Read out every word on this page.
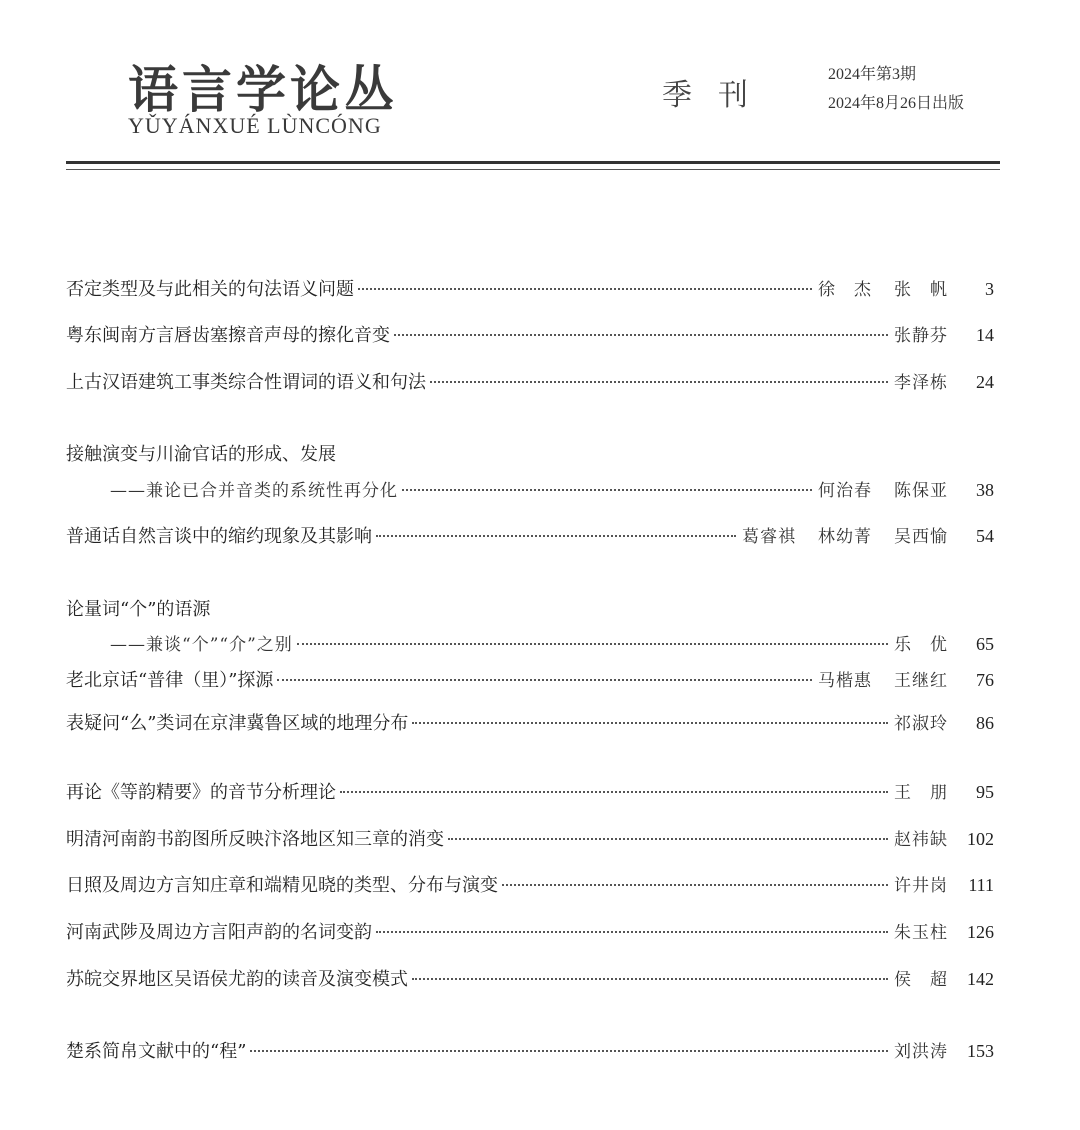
语言学论丛
YǓYÁNXUÉ LÙNCÓNG
季刊
2024年第3期
2024年8月26日出版
否定类型及与此相关的句法语义问题	徐　杰 张　帆	3
粤东闽南方言唇齿塞擦音声母的擦化音变	张静芬	14
上古汉语建筑工事类综合性谓词的语义和句法	李泽栋	24
接触演变与川渝官话的形成、发展
——兼论已合并音类的系统性再分化	何治春 陈保亚	38
普通话自然言谈中的缩约现象及其影响	葛睿祺 林幼菁 吴西愉	54
论量词“个”的语源
——兼谈“个”“介”之别	乐　优	65
老北京话“普律（里）”探源	马楷惠 王继红	76
表疑问“么”类词在京津冀鲁区域的地理分布	祁淑玲	86
再论《等韵精要》的音节分析理论	王　朋	95
明清河南韵书韵图所反映汴洛地区知三章的消变	赵祎缺	102
日照及周边方言知庄章和端精见晓的类型、分布与演变	许井岗	111
河南武陟及周边方言阳声韵的名词变韵	朱玉柱	126
苏皖交界地区吴语侯尤韵的读音及演变模式	侯　超	142
楚系简帛文献中的“程”	刘洪涛	153
